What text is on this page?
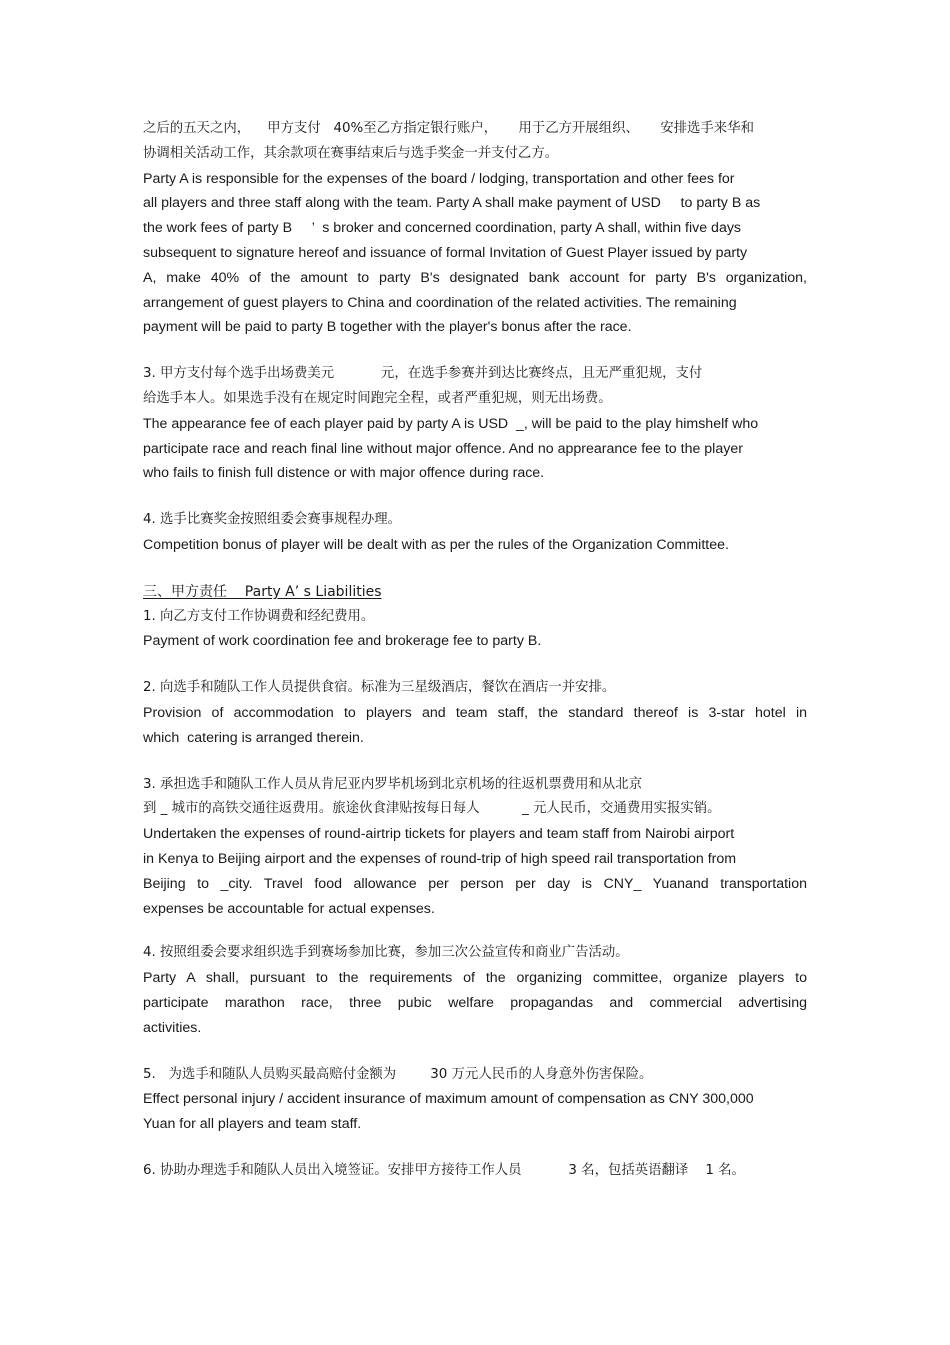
之后的五天之内，    甲方支付   40%至乙方指定银行账户，     用于乙方开展组织、     安排选手来华和
协调相关活动工作，其余款项在赛事结束后与选手奖金一并支付乙方。
Party A is responsible for the expenses of the board / lodging, transportation and other fees for
all players and three staff along with the team. Party A shall make payment of USD     to party B as
the work fees of party B     ’  s broker and concerned coordination, party A shall, within five days
subsequent to signature hereof and issuance of formal Invitation of Guest Player issued by party
A, make 40% of the amount to party B's designated bank account for party B's organization,
arrangement of guest players to China and coordination of the related activities. The remaining
payment will be paid to party B together with the player's bonus after the race.
3. 甲方支付每个选手出场费美元           元，在选手参赛并到达比赛终点，且无严重犯规，支付
给选手本人。如果选手没有在规定时间跑完全程，或者严重犯规，则无出场费。
The appearance fee of each player paid by party A is USD  _, will be paid to the play himshelf who
participate race and reach final line without major offence. And no apprearance fee to the player
who fails to finish full distence or with major offence during race.
4. 选手比赛奖金按照组委会赛事规程办理。
Competition bonus of player will be dealt with as per the rules of the Organization Committee.
三、甲方责任    Party A’ s Liabilities
1. 向乙方支付工作协调费和经纪费用。
Payment of work coordination fee and brokerage fee to party B.
2. 向选手和随队工作人员提供食宿。标准为三星级酒店，餐饮在酒店一并安排。
Provision of accommodation to players and team staff, the standard thereof is 3-star hotel in
which  catering is arranged therein.
3. 承担选手和随队工作人员从肯尼亚内罗毕机场到北京机场的往返机票费用和从北京
到 _ 城市的高铁交通往返费用。旅途伙食津贴按每日每人          _ 元人民币，交通费用实报实销。
Undertaken the expenses of round-airtrip tickets for players and team staff from Nairobi airport
in Kenya to Beijing airport and the expenses of round-trip of high speed rail transportation from
Beijing to _city. Travel food allowance per person per day is CNY_ Yuanand transportation
expenses be accountable for actual expenses.
4. 按照组委会要求组织选手到赛场参加比赛，参加三次公益宣传和商业广告活动。
Party A shall, pursuant to the requirements of the organizing committee, organize players to
participate marathon race, three pubic welfare propagandas and commercial advertising
activities.
5.   为选手和随队人员购买最高赔付金额为        30 万元人民币的人身意外伤害保险。
Effect personal injury / accident insurance of maximum amount of compensation as CNY 300,000
Yuan for all players and team staff.
6. 协助办理选手和随队人员出入境签证。安排甲方接待工作人员           3 名，包括英语翻译    1 名。
